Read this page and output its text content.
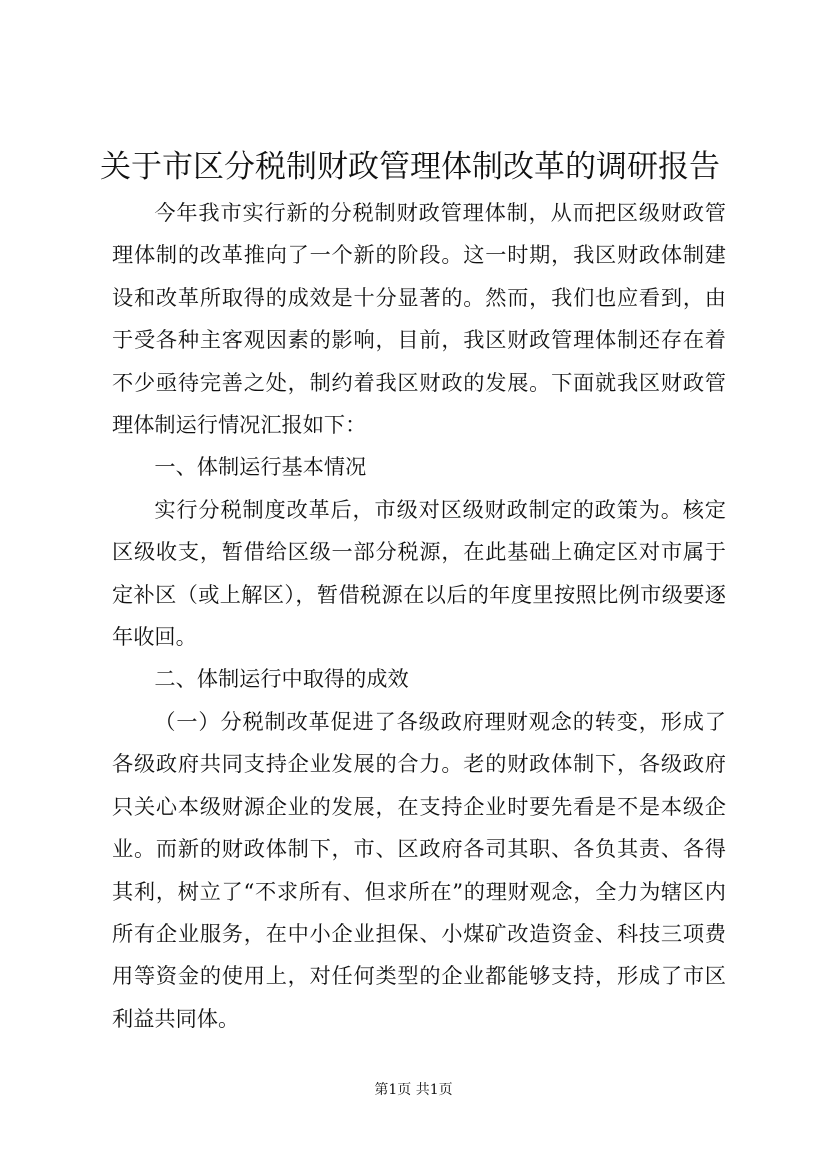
关于市区分税制财政管理体制改革的调研报告

今年我市实行新的分税制财政管理体制，从而把区级财政管理体制的改革推向了一个新的阶段。这一时期，我区财政体制建设和改革所取得的成效是十分显著的。然而，我们也应看到，由于受各种主客观因素的影响，目前，我区财政管理体制还存在着不少亟待完善之处，制约着我区财政的发展。下面就我区财政管理体制运行情况汇报如下：

一、体制运行基本情况

实行分税制度改革后，市级对区级财政制定的政策为。核定区级收支，暂借给区级一部分税源，在此基础上确定区对市属于定补区（或上解区），暂借税源在以后的年度里按照比例市级要逐年收回。

二、体制运行中取得的成效

（一）分税制改革促进了各级政府理财观念的转变，形成了各级政府共同支持企业发展的合力。老的财政体制下，各级政府只关心本级财源企业的发展，在支持企业时要先看是不是本级企业。而新的财政体制下，市、区政府各司其职、各负其责、各得其利，树立了“不求所有、但求所在”的理财观念，全力为辖区内所有企业服务，在中小企业担保、小煤矿改造资金、科技三项费用等资金的使用上，对任何类型的企业都能够支持，形成了市区利益共同体。

第1页 共1页
